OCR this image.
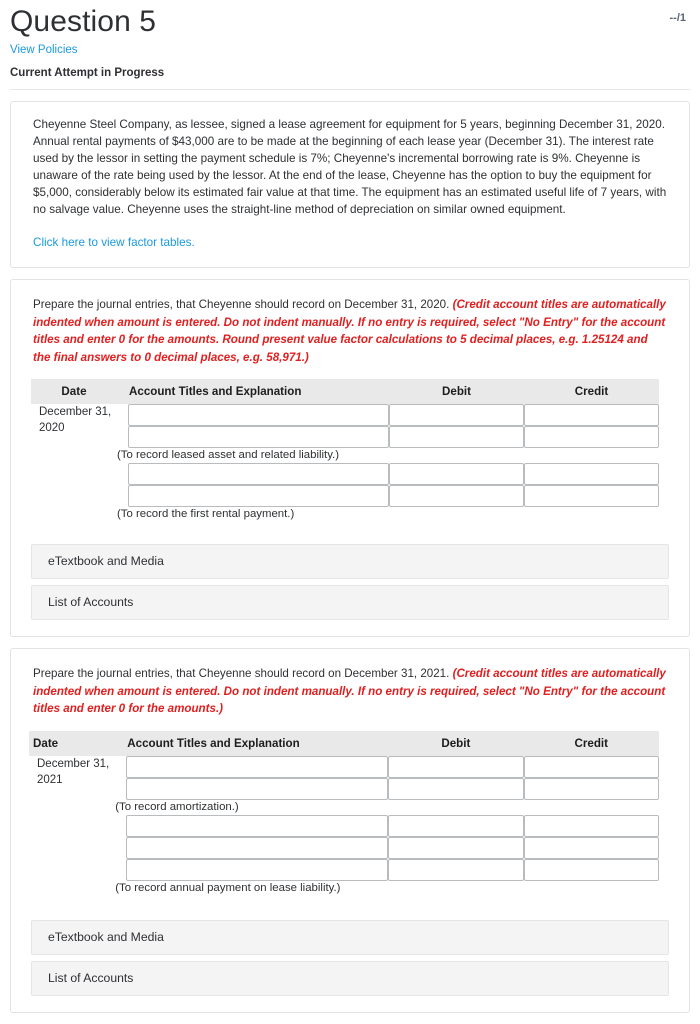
Question 5	--/1
View Policies
Current Attempt in Progress

Cheyenne Steel Company, as lessee, signed a lease agreement for equipment for 5 years, beginning December 31, 2020. Annual rental payments of $43,000 are to be made at the beginning of each lease year (December 31). The interest rate used by the lessor in setting the payment schedule is 7%; Cheyenne's incremental borrowing rate is 9%. Cheyenne is unaware of the rate being used by the lessor. At the end of the lease, Cheyenne has the option to buy the equipment for $5,000, considerably below its estimated fair value at that time. The equipment has an estimated useful life of 7 years, with no salvage value. Cheyenne uses the straight-line method of depreciation on similar owned equipment.

Click here to view factor tables.

Prepare the journal entries, that Cheyenne should record on December 31, 2020. (Credit account titles are automatically indented when amount is entered. Do not indent manually. If no entry is required, select "No Entry" for the account titles and enter 0 for the amounts. Round present value factor calculations to 5 decimal places, e.g. 1.25124 and the final answers to 0 decimal places, e.g. 58,971.)

Date	Account Titles and Explanation	Debit	Credit
December 31, 2020	

	(To record leased asset and related liability.)		

	(To record the first rental payment.)		
eTextbook and Media
List of Accounts

Prepare the journal entries, that Cheyenne should record on December 31, 2021. (Credit account titles are automatically indented when amount is entered. Do not indent manually. If no entry is required, select "No Entry" for the account titles and enter 0 for the amounts.)

Date	Account Titles and Explanation	Debit	Credit
December 31, 2021	

	(To record amortization.)		

	(To record annual payment on lease liability.)		
eTextbook and Media
List of Accounts
